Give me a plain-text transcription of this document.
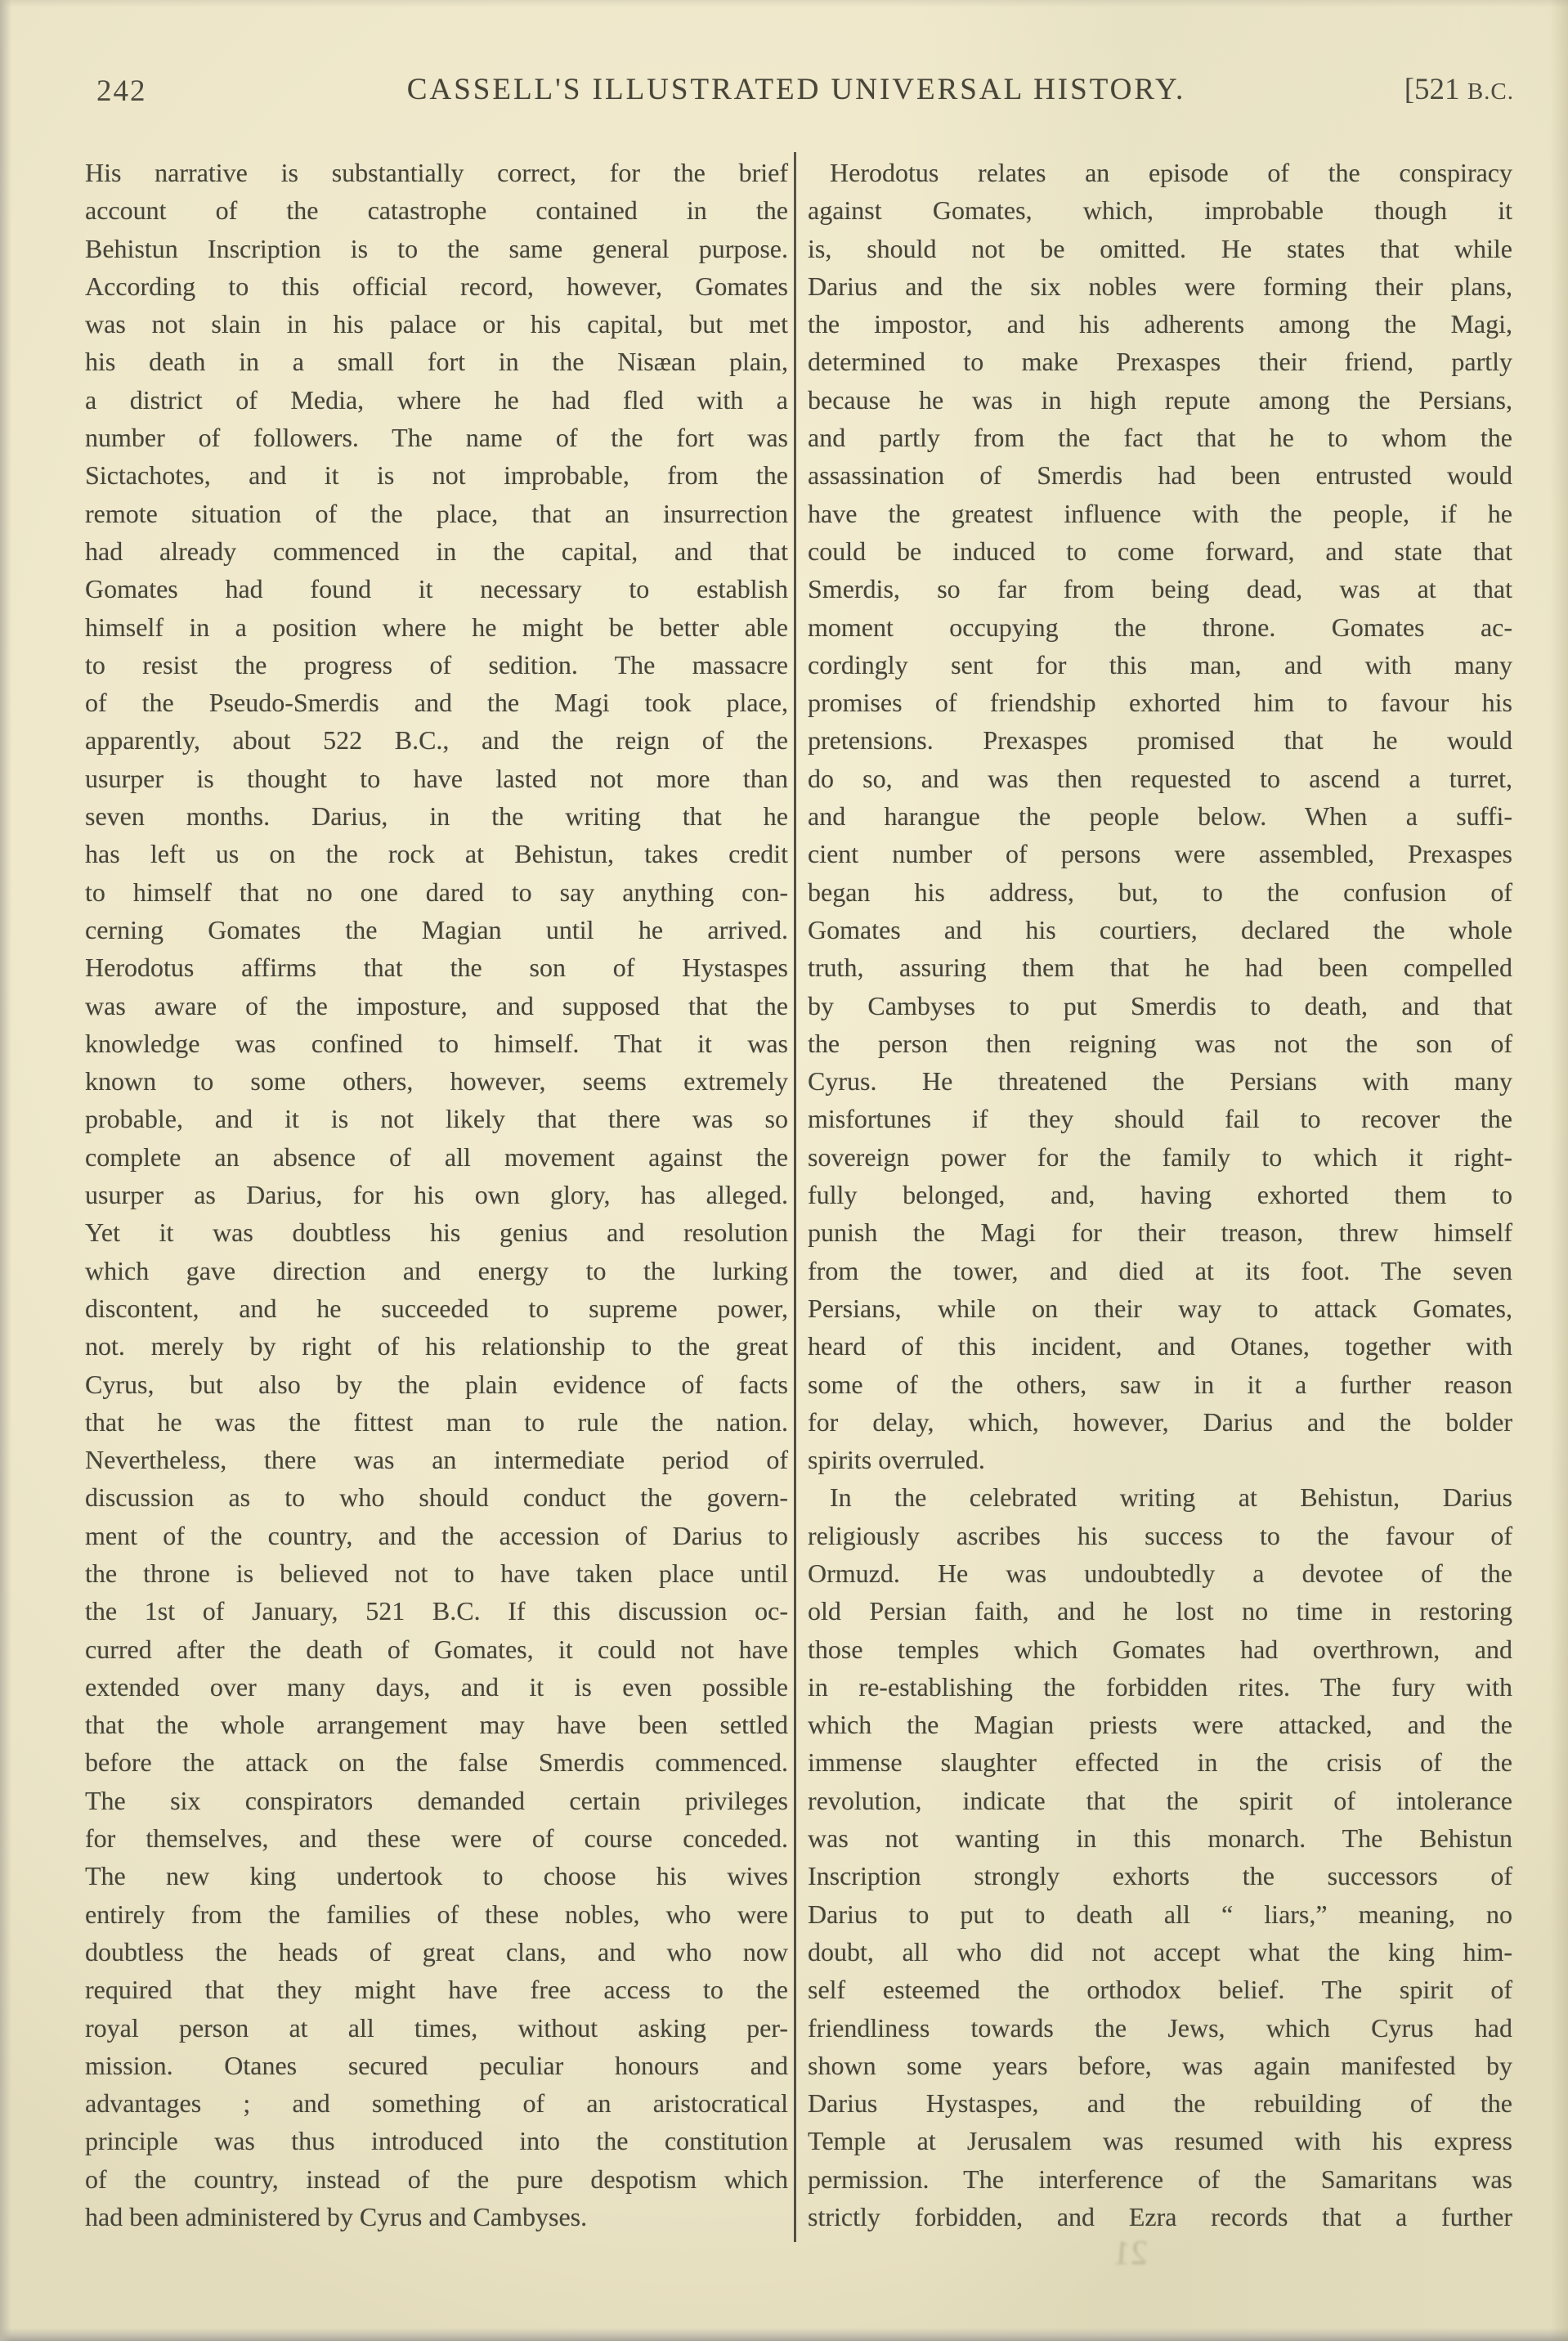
242	CASSELL'S ILLUSTRATED UNIVERSAL HISTORY.	[521 B.C.
His narrative is substantially correct, for the brief
account of the catastrophe contained in the
Behistun Inscription is to the same general purpose.
According to this official record, however, Gomates
was not slain in his palace or his capital, but met
his death in a small fort in the Nisæan plain,
a district of Media, where he had fled with a
number of followers. The name of the fort was
Sictachotes, and it is not improbable, from the
remote situation of the place, that an insurrection
had already commenced in the capital, and that
Gomates had found it necessary to establish
himself in a position where he might be better able
to resist the progress of sedition. The massacre
of the Pseudo-Smerdis and the Magi took place,
apparently, about 522 B.C., and the reign of the
usurper is thought to have lasted not more than
seven months. Darius, in the writing that he
has left us on the rock at Behistun, takes credit
to himself that no one dared to say anything con-
cerning Gomates the Magian until he arrived.
Herodotus affirms that the son of Hystaspes
was aware of the imposture, and supposed that the
knowledge was confined to himself. That it was
known to some others, however, seems extremely
probable, and it is not likely that there was so
complete an absence of all movement against the
usurper as Darius, for his own glory, has alleged.
Yet it was doubtless his genius and resolution
which gave direction and energy to the lurking
discontent, and he succeeded to supreme power,
not. merely by right of his relationship to the great
Cyrus, but also by the plain evidence of facts
that he was the fittest man to rule the nation.
Nevertheless, there was an intermediate period of
discussion as to who should conduct the govern-
ment of the country, and the accession of Darius to
the throne is believed not to have taken place until
the 1st of January, 521 B.C. If this discussion oc-
curred after the death of Gomates, it could not have
extended over many days, and it is even possible
that the whole arrangement may have been settled
before the attack on the false Smerdis commenced.
The six conspirators demanded certain privileges
for themselves, and these were of course conceded.
The new king undertook to choose his wives
entirely from the families of these nobles, who were
doubtless the heads of great clans, and who now
required that they might have free access to the
royal person at all times, without asking per-
mission. Otanes secured peculiar honours and
advantages ; and something of an aristocratical
principle was thus introduced into the constitution
of the country, instead of the pure despotism which
had been administered by Cyrus and Cambyses.
Herodotus relates an episode of the conspiracy
against Gomates, which, improbable though it
is, should not be omitted. He states that while
Darius and the six nobles were forming their plans,
the impostor, and his adherents among the Magi,
determined to make Prexaspes their friend, partly
because he was in high repute among the Persians,
and partly from the fact that he to whom the
assassination of Smerdis had been entrusted would
have the greatest influence with the people, if he
could be induced to come forward, and state that
Smerdis, so far from being dead, was at that
moment occupying the throne. Gomates ac-
cordingly sent for this man, and with many
promises of friendship exhorted him to favour his
pretensions. Prexaspes promised that he would
do so, and was then requested to ascend a turret,
and harangue the people below. When a suffi-
cient number of persons were assembled, Prexaspes
began his address, but, to the confusion of
Gomates and his courtiers, declared the whole
truth, assuring them that he had been compelled
by Cambyses to put Smerdis to death, and that
the person then reigning was not the son of
Cyrus. He threatened the Persians with many
misfortunes if they should fail to recover the
sovereign power for the family to which it right-
fully belonged, and, having exhorted them to
punish the Magi for their treason, threw himself
from the tower, and died at its foot. The seven
Persians, while on their way to attack Gomates,
heard of this incident, and Otanes, together with
some of the others, saw in it a further reason
for delay, which, however, Darius and the bolder
spirits overruled.
In the celebrated writing at Behistun, Darius
religiously ascribes his success to the favour of
Ormuzd. He was undoubtedly a devotee of the
old Persian faith, and he lost no time in restoring
those temples which Gomates had overthrown, and
in re-establishing the forbidden rites. The fury with
which the Magian priests were attacked, and the
immense slaughter effected in the crisis of the
revolution, indicate that the spirit of intolerance
was not wanting in this monarch. The Behistun
Inscription strongly exhorts the successors of
Darius to put to death all “ liars,” meaning, no
doubt, all who did not accept what the king him-
self esteemed the orthodox belief. The spirit of
friendliness towards the Jews, which Cyrus had
shown some years before, was again manifested by
Darius Hystaspes, and the rebuilding of the
Temple at Jerusalem was resumed with his express
permission. The interference of the Samaritans was
strictly forbidden, and Ezra records that a further
21
